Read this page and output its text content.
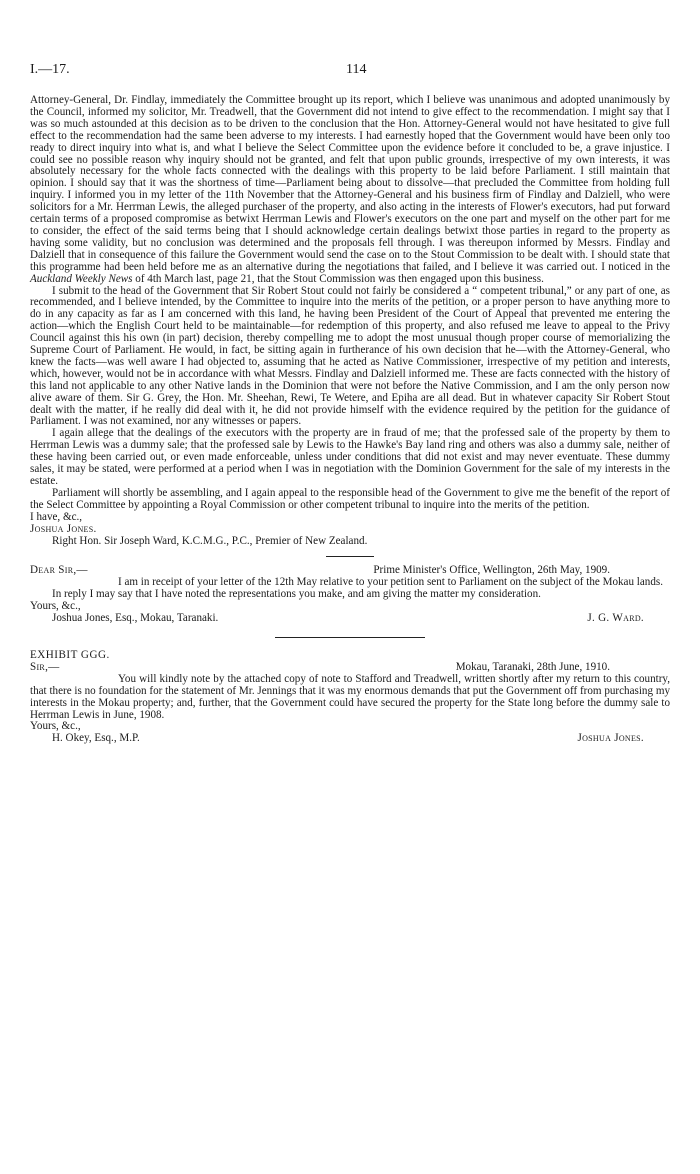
I.—17.	114

Attorney-General, Dr. Findlay, immediately the Committee brought up its report, which I believe was unanimous and adopted unanimously by the Council, informed my solicitor, Mr. Treadwell, that the Government did not intend to give effect to the recommendation. I might say that I was so much astounded at this decision as to be driven to the conclusion that the Hon. Attorney-General would not have hesitated to give full effect to the recommendation had the same been adverse to my interests. I had earnestly hoped that the Government would have been only too ready to direct inquiry into what is, and what I believe the Select Committee upon the evidence before it concluded to be, a grave injustice. I could see no possible reason why inquiry should not be granted, and felt that upon public grounds, irrespective of my own interests, it was absolutely necessary for the whole facts connected with the dealings with this property to be laid before Parliament. I still maintain that opinion. I should say that it was the shortness of time—Parliament being about to dissolve—that precluded the Committee from holding full inquiry. I informed you in my letter of the 11th November that the Attorney-General and his business firm of Findlay and Dalziell, who were solicitors for a Mr. Herrman Lewis, the alleged purchaser of the property, and also acting in the interests of Flower's executors, had put forward certain terms of a proposed compromise as betwixt Herrman Lewis and Flower's executors on the one part and myself on the other part for me to consider, the effect of the said terms being that I should acknowledge certain dealings betwixt those parties in regard to the property as having some validity, but no conclusion was determined and the proposals fell through. I was thereupon informed by Messrs. Findlay and Dalziell that in consequence of this failure the Government would send the case on to the Stout Commission to be dealt with. I should state that this programme had been held before me as an alternative during the negotiations that failed, and I believe it was carried out. I noticed in the Auckland Weekly News of 4th March last, page 21, that the Stout Commission was then engaged upon this business.

I submit to the head of the Government that Sir Robert Stout could not fairly be considered a “ competent tribunal,” or any part of one, as recommended, and I believe intended, by the Committee to inquire into the merits of the petition, or a proper person to have anything more to do in any capacity as far as I am concerned with this land, he having been President of the Court of Appeal that prevented me entering the action—which the English Court held to be maintainable—for redemption of this property, and also refused me leave to appeal to the Privy Council against this his own (in part) decision, thereby compelling me to adopt the most unusual though proper course of memorializing the Supreme Court of Parliament. He would, in fact, be sitting again in furtherance of his own decision that he—with the Attorney-General, who knew the facts—was well aware I had objected to, assuming that he acted as Native Commissioner, irrespective of my petition and interests, which, however, would not be in accordance with what Messrs. Findlay and Dalziell informed me. These are facts connected with the history of this land not applicable to any other Native lands in the Dominion that were not before the Native Commission, and I am the only person now alive aware of them. Sir G. Grey, the Hon. Mr. Sheehan, Rewi, Te Wetere, and Epiha are all dead. But in whatever capacity Sir Robert Stout dealt with the matter, if he really did deal with it, he did not provide himself with the evidence required by the petition for the guidance of Parliament. I was not examined, nor any witnesses or papers.

I again allege that the dealings of the executors with the property are in fraud of me; that the professed sale of the property by them to Herrman Lewis was a dummy sale; that the professed sale by Lewis to the Hawke's Bay land ring and others was also a dummy sale, neither of these having been carried out, or even made enforceable, unless under conditions that did not exist and may never eventuate. These dummy sales, it may be stated, were performed at a period when I was in negotiation with the Dominion Government for the sale of my interests in the estate.

Parliament will shortly be assembling, and I again appeal to the responsible head of the Government to give me the benefit of the report of the Select Committee by appointing a Royal Commission or other competent tribunal to inquire into the merits of the petition.

I have, &c.,

Joshua Jones.

Right Hon. Sir Joseph Ward, K.C.M.G., P.C., Premier of New Zealand.

Dear Sir,—	Prime Minister's Office, Wellington, 26th May, 1909.

I am in receipt of your letter of the 12th May relative to your petition sent to Parliament on the subject of the Mokau lands.

In reply I may say that I have noted the representations you make, and am giving the matter my consideration.

Yours, &c.,

Joshua Jones, Esq., Mokau, Taranaki.	J. G. Ward.

EXHIBIT GGG.

Sir,—	Mokau, Taranaki, 28th June, 1910.

You will kindly note by the attached copy of note to Stafford and Treadwell, written shortly after my return to this country, that there is no foundation for the statement of Mr. Jennings that it was my enormous demands that put the Government off from purchasing my interests in the Mokau property; and, further, that the Government could have secured the property for the State long before the dummy sale to Herrman Lewis in June, 1908.

Yours, &c.,

H. Okey, Esq., M.P.	Joshua Jones.
